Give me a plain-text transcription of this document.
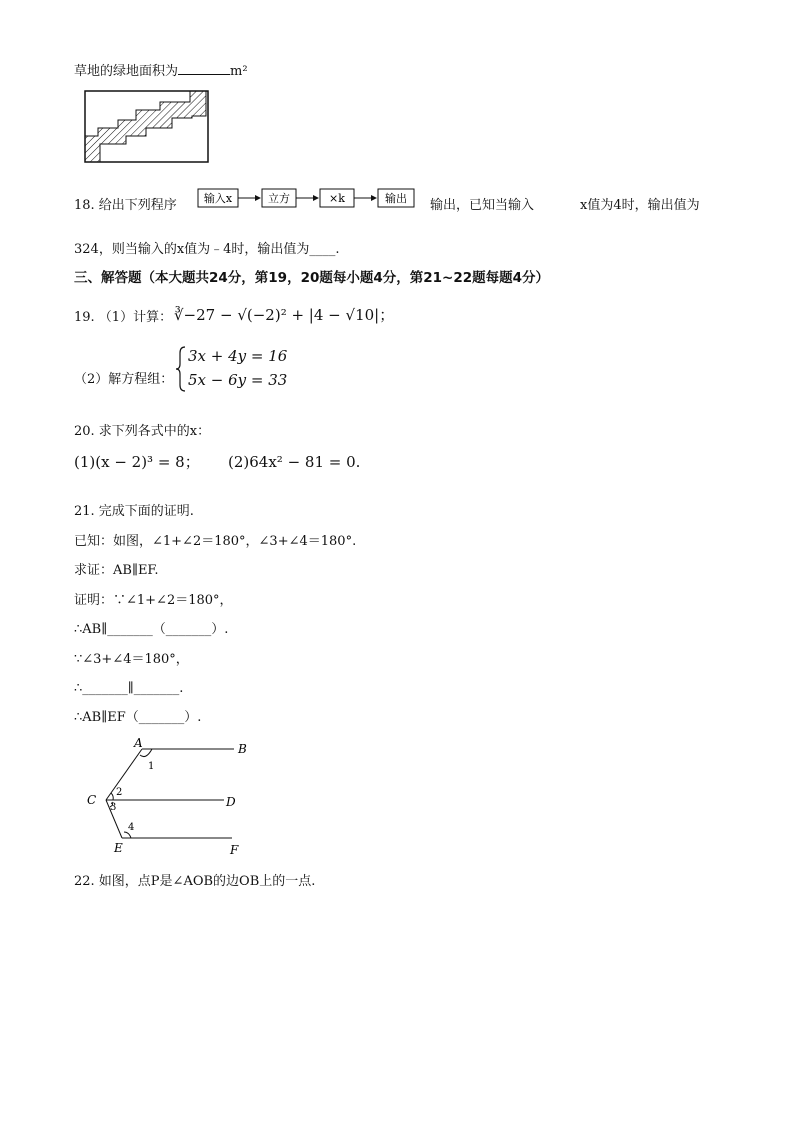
草地的绿地面积为	m²
18. 给出下列程序 输入x	立方	×k	输出 输出，已知当输入	x值为4时，输出值为
324，则当输入的x值为﹣4时，输出值为____.
三、解答题（本大题共24分，第19，20题每小题4分，第21~22题每题4分）
19. （1）计算： ∛−27 − √(−2)² + |4 − √10|；
（2）解方程组：
3x + 4y = 16
5x − 6y = 33
20. 求下列各式中的x：
(1)(x − 2)³ = 8； (2)64x² − 81 = 0.
21. 完成下面的证明.
已知：如图，∠1+∠2＝180°，∠3+∠4＝180°.
求证：AB∥EF.
证明：∵∠1+∠2＝180°，
∴AB∥_______（_______）.
∵∠3+∠4＝180°，
∴_______∥_______.
∴AB∥EF（_______）.
A	B
C	D
E	F
1
2
3
4
22. 如图，点P是∠AOB的边OB上的一点.
